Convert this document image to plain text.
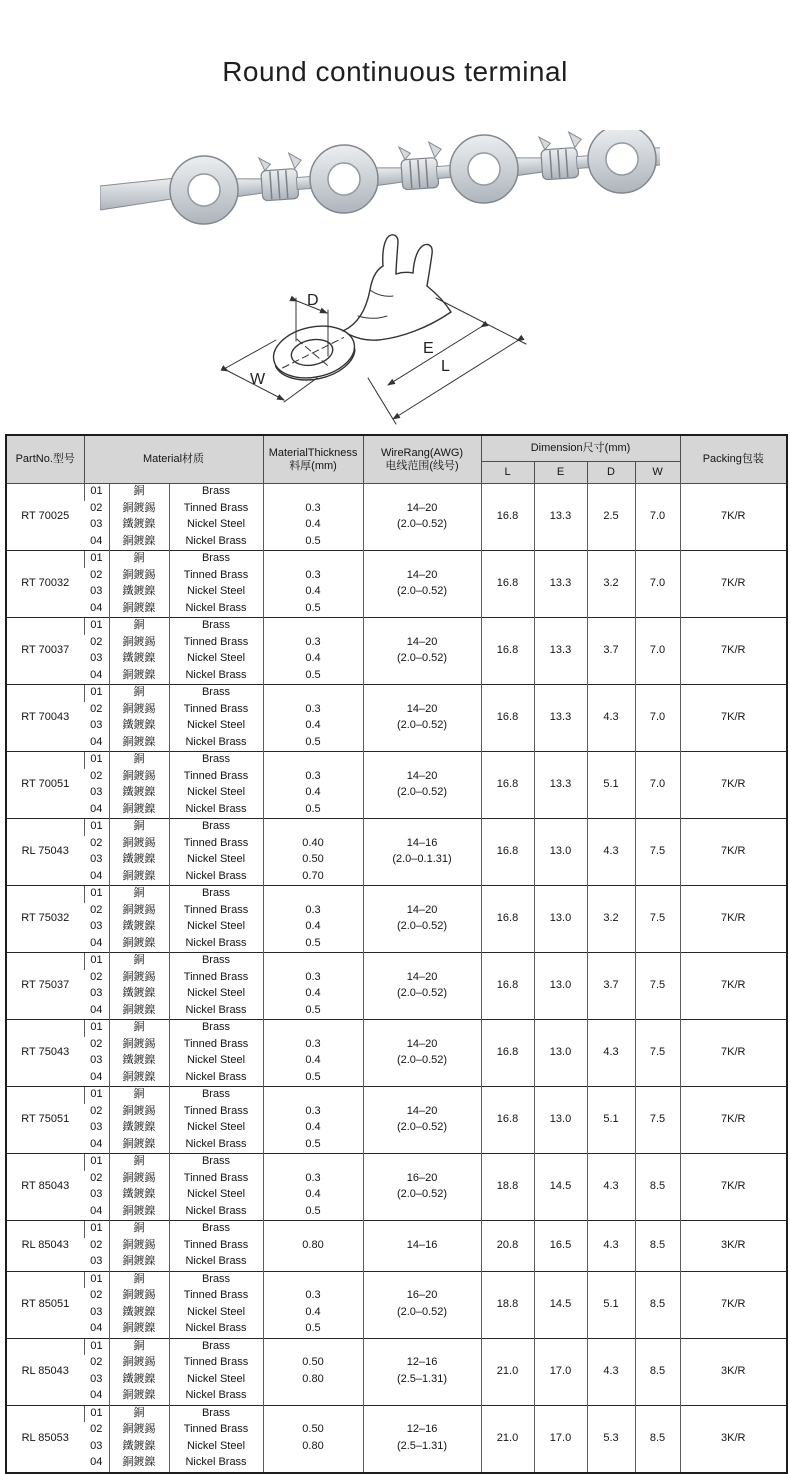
Round continuous terminal
D
E
L
W
PartNo.型号	Material材质	MaterialThickness
料厚(mm)

WireRang(AWG)
电线范围(线号)
	Dimension尺寸(mm)	Packing包装
						L	E	D	W	
RT 70025	01	銅	Brass			16.8	13.3	2.5	7.0	7K/R
	02	銅鍍錫	Tinned Brass	0.3	14–20					
	03	鐵鍍鎳	Nickel Steel	0.4	(2.0–0.52)					
	04	銅鍍鎳	Nickel Brass	0.5						
RT 70032	01	銅	Brass			16.8	13.3	3.2	7.0	7K/R
	02	銅鍍錫	Tinned Brass	0.3	14–20					
	03	鐵鍍鎳	Nickel Steel	0.4	(2.0–0.52)					
	04	銅鍍鎳	Nickel Brass	0.5						
RT 70037	01	銅	Brass			16.8	13.3	3.7	7.0	7K/R
	02	銅鍍錫	Tinned Brass	0.3	14–20					
	03	鐵鍍鎳	Nickel Steel	0.4	(2.0–0.52)					
	04	銅鍍鎳	Nickel Brass	0.5						
RT 70043	01	銅	Brass			16.8	13.3	4.3	7.0	7K/R
	02	銅鍍錫	Tinned Brass	0.3	14–20					
	03	鐵鍍鎳	Nickel Steel	0.4	(2.0–0.52)					
	04	銅鍍鎳	Nickel Brass	0.5						
RT 70051	01	銅	Brass			16.8	13.3	5.1	7.0	7K/R
	02	銅鍍錫	Tinned Brass	0.3	14–20					
	03	鐵鍍鎳	Nickel Steel	0.4	(2.0–0.52)					
	04	銅鍍鎳	Nickel Brass	0.5						
RL 75043	01	銅	Brass			16.8	13.0	4.3	7.5	7K/R
	02	銅鍍錫	Tinned Brass	0.40	14–16					
	03	鐵鍍鎳	Nickel Steel	0.50	(2.0–0.1.31)					
	04	銅鍍鎳	Nickel Brass	0.70						
RT 75032	01	銅	Brass			16.8	13.0	3.2	7.5	7K/R
	02	銅鍍錫	Tinned Brass	0.3	14–20					
	03	鐵鍍鎳	Nickel Steel	0.4	(2.0–0.52)					
	04	銅鍍鎳	Nickel Brass	0.5						
RT 75037	01	銅	Brass			16.8	13.0	3.7	7.5	7K/R
	02	銅鍍錫	Tinned Brass	0.3	14–20					
	03	鐵鍍鎳	Nickel Steel	0.4	(2.0–0.52)					
	04	銅鍍鎳	Nickel Brass	0.5						
RT 75043	01	銅	Brass			16.8	13.0	4.3	7.5	7K/R
	02	銅鍍錫	Tinned Brass	0.3	14–20					
	03	鐵鍍鎳	Nickel Steel	0.4	(2.0–0.52)					
	04	銅鍍鎳	Nickel Brass	0.5						
RT 75051	01	銅	Brass			16.8	13.0	5.1	7.5	7K/R
	02	銅鍍錫	Tinned Brass	0.3	14–20					
	03	鐵鍍鎳	Nickel Steel	0.4	(2.0–0.52)					
	04	銅鍍鎳	Nickel Brass	0.5						
RT 85043	01	銅	Brass			18.8	14.5	4.3	8.5	7K/R
	02	銅鍍錫	Tinned Brass	0.3	16–20					
	03	鐵鍍鎳	Nickel Steel	0.4	(2.0–0.52)					
	04	銅鍍鎳	Nickel Brass	0.5						
RL 85043	01	銅	Brass			20.8	16.5	4.3	8.5	3K/R
	02	銅鍍錫	Tinned Brass	0.80	14–16					
	03	銅鍍鎳	Nickel Brass							
RT 85051	01	銅	Brass			18.8	14.5	5.1	8.5	7K/R
	02	銅鍍錫	Tinned Brass	0.3	16–20					
	03	鐵鍍鎳	Nickel Steel	0.4	(2.0–0.52)					
	04	銅鍍鎳	Nickel Brass	0.5						
RL 85043	01	銅	Brass			21.0	17.0	4.3	8.5	3K/R
	02	銅鍍錫	Tinned Brass	0.50	12–16					
	03	鐵鍍鎳	Nickel Steel	0.80	(2.5–1.31)					
	04	銅鍍鎳	Nickel Brass							
RL 85053	01	銅	Brass			21.0	17.0	5.3	8.5	3K/R
	02	銅鍍錫	Tinned Brass	0.50	12–16					
	03	鐵鍍鎳	Nickel Steel	0.80	(2.5–1.31)					
	04	銅鍍鎳	Nickel Brass							
